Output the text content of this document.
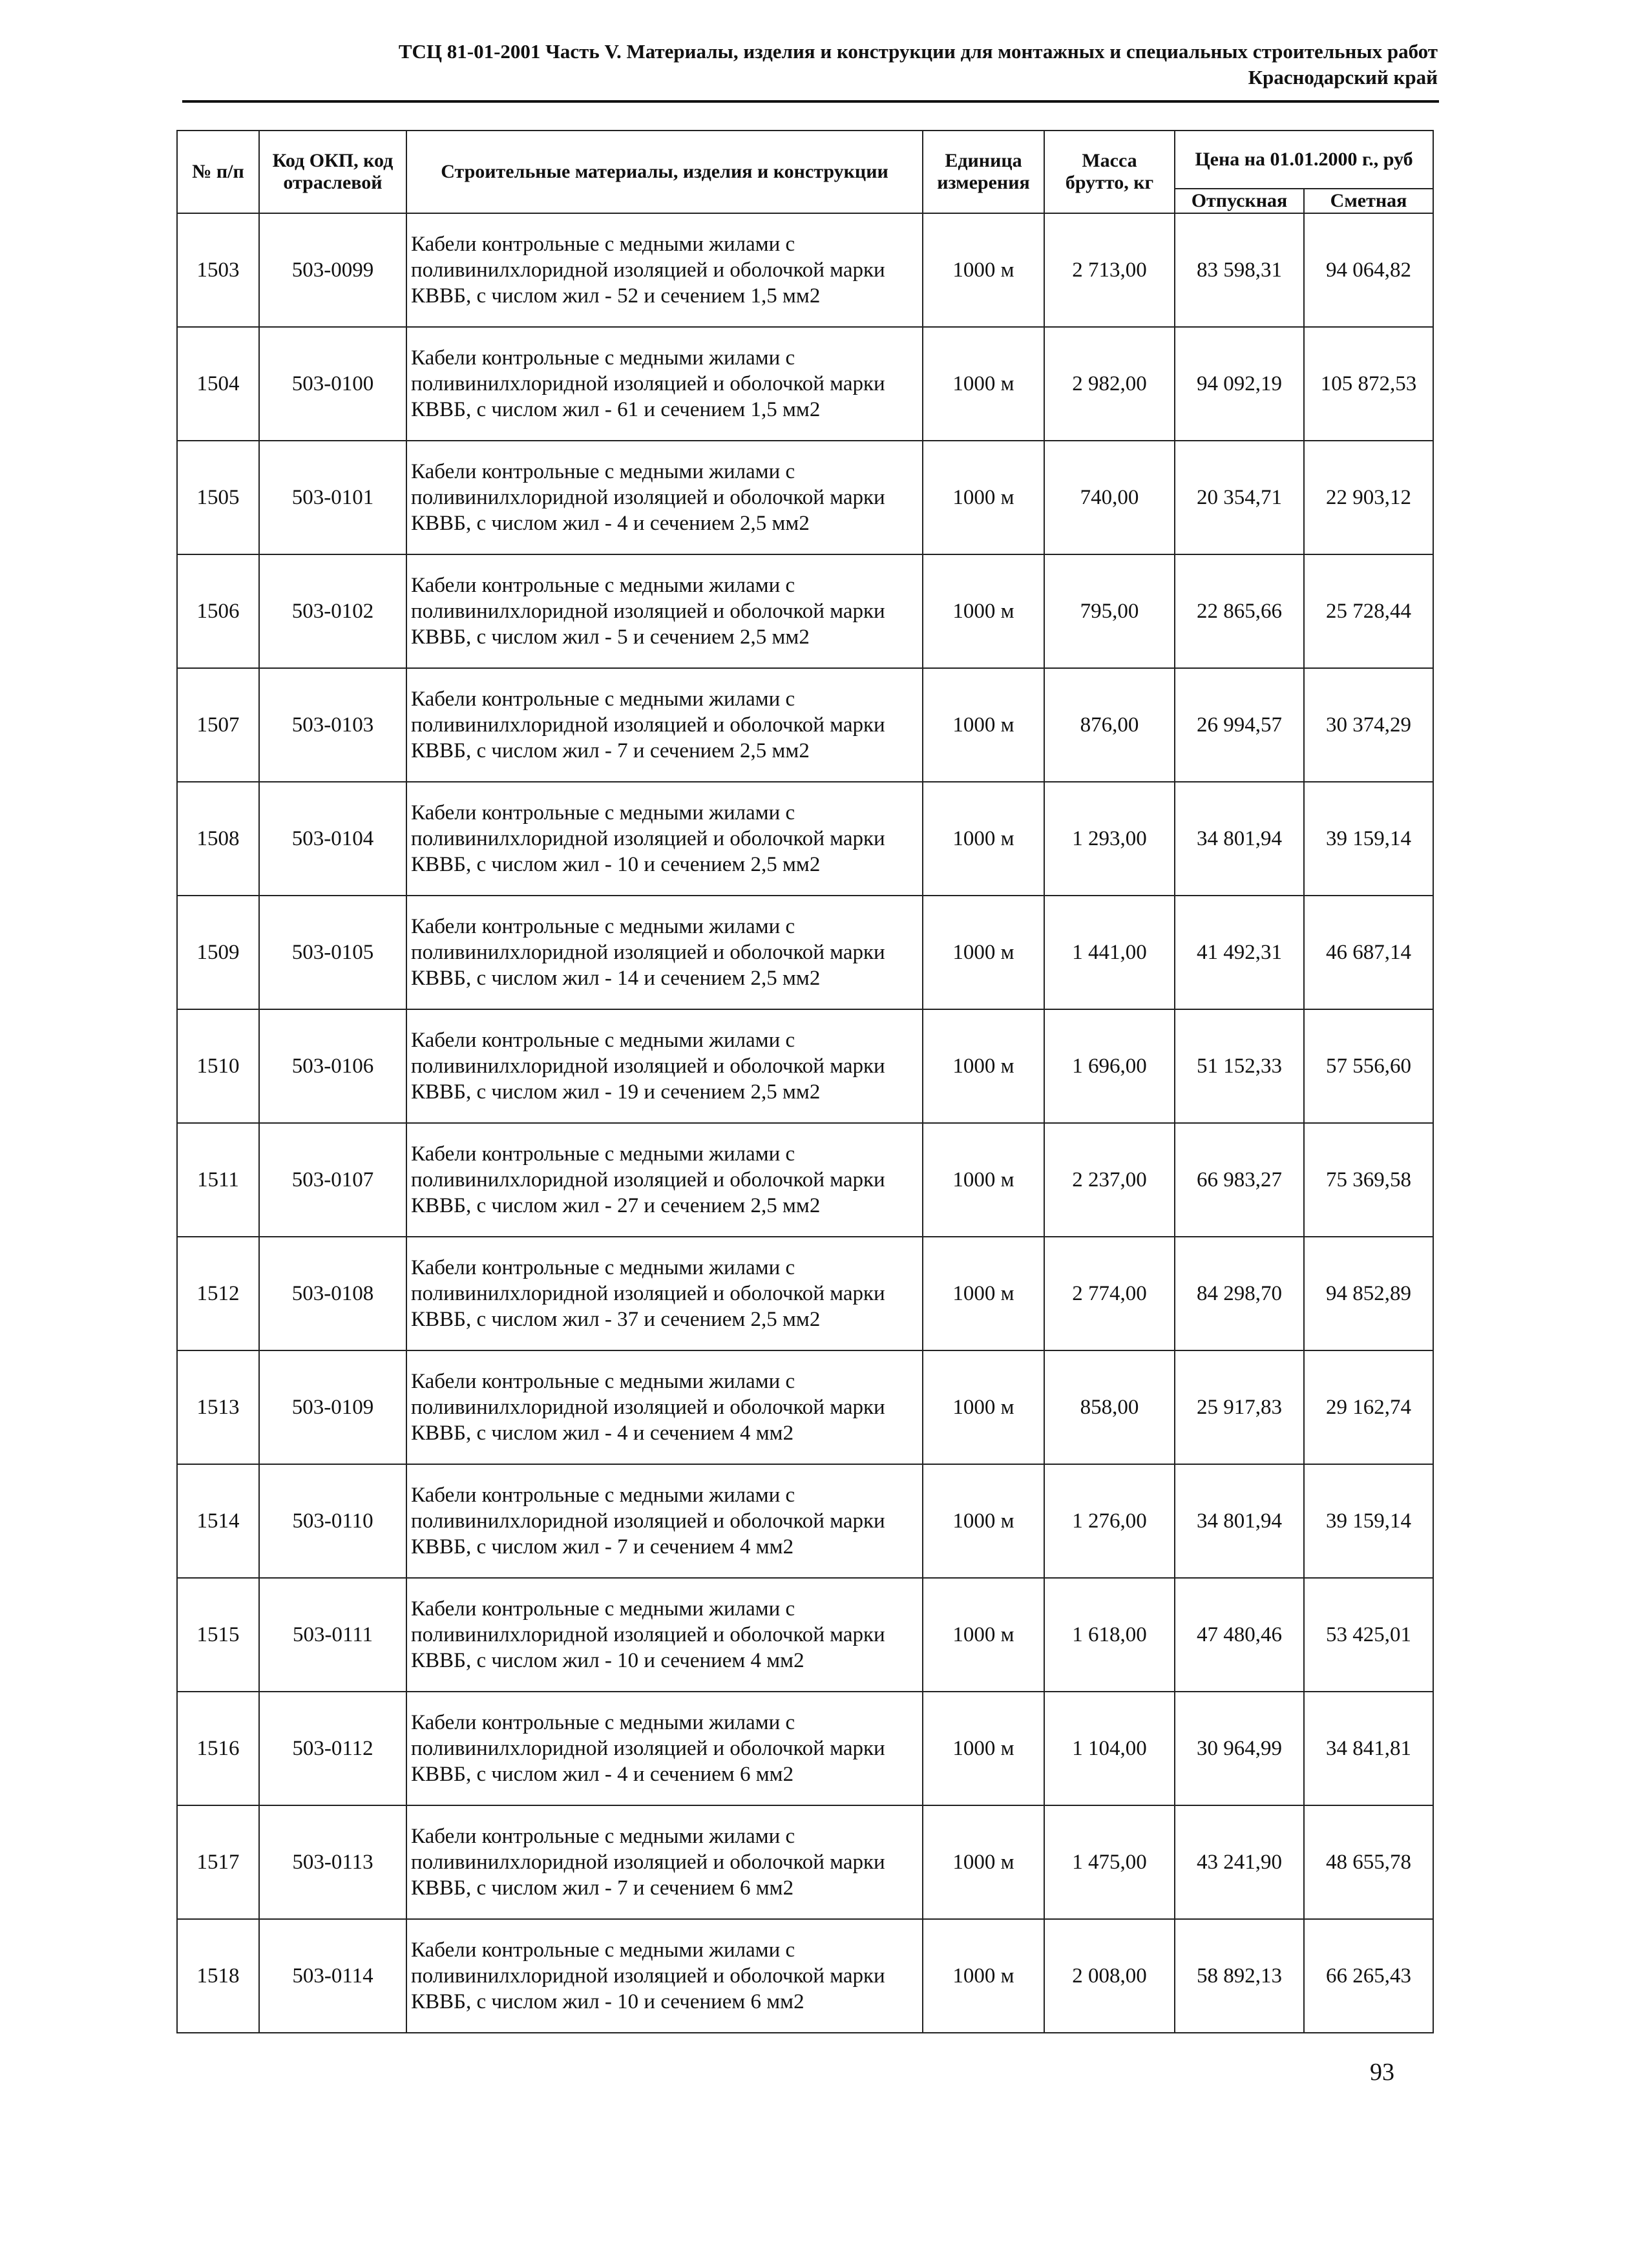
ТСЦ 81-01-2001 Часть V. Материалы, изделия и конструкции для монтажных и специальных строительных работ
Краснодарский край
№ п/п	Код ОКП, код отраслевой	Строительные материалы, изделия и конструкции	Единица измерения	Масса брутто, кг	Цена на 01.01.2000 г., руб	
					Отпускная	Сметная
1503	503-0099	Кабели контрольные с медными жилами с поливинилхлоридной изоляцией и оболочкой марки КВВБ, с числом жил - 52 и сечением 1,5 мм2	1000 м	2 713,00	83 598,31	94 064,82
1504	503-0100	Кабели контрольные с медными жилами с поливинилхлоридной изоляцией и оболочкой марки КВВБ, с числом жил - 61 и сечением 1,5 мм2	1000 м	2 982,00	94 092,19	105 872,53
1505	503-0101	Кабели контрольные с медными жилами с поливинилхлоридной изоляцией и оболочкой марки КВВБ, с числом жил - 4 и сечением 2,5 мм2	1000 м	740,00	20 354,71	22 903,12
1506	503-0102	Кабели контрольные с медными жилами с поливинилхлоридной изоляцией и оболочкой марки КВВБ, с числом жил - 5 и сечением 2,5 мм2	1000 м	795,00	22 865,66	25 728,44
1507	503-0103	Кабели контрольные с медными жилами с поливинилхлоридной изоляцией и оболочкой марки КВВБ, с числом жил - 7 и сечением 2,5 мм2	1000 м	876,00	26 994,57	30 374,29
1508	503-0104	Кабели контрольные с медными жилами с поливинилхлоридной изоляцией и оболочкой марки КВВБ, с числом жил - 10 и сечением 2,5 мм2	1000 м	1 293,00	34 801,94	39 159,14
1509	503-0105	Кабели контрольные с медными жилами с поливинилхлоридной изоляцией и оболочкой марки КВВБ, с числом жил - 14 и сечением 2,5 мм2	1000 м	1 441,00	41 492,31	46 687,14
1510	503-0106	Кабели контрольные с медными жилами с поливинилхлоридной изоляцией и оболочкой марки КВВБ, с числом жил - 19 и сечением 2,5 мм2	1000 м	1 696,00	51 152,33	57 556,60
1511	503-0107	Кабели контрольные с медными жилами с поливинилхлоридной изоляцией и оболочкой марки КВВБ, с числом жил - 27 и сечением 2,5 мм2	1000 м	2 237,00	66 983,27	75 369,58
1512	503-0108	Кабели контрольные с медными жилами с поливинилхлоридной изоляцией и оболочкой марки КВВБ, с числом жил - 37 и сечением 2,5 мм2	1000 м	2 774,00	84 298,70	94 852,89
1513	503-0109	Кабели контрольные с медными жилами с поливинилхлоридной изоляцией и оболочкой марки КВВБ, с числом жил - 4 и сечением 4 мм2	1000 м	858,00	25 917,83	29 162,74
1514	503-0110	Кабели контрольные с медными жилами с поливинилхлоридной изоляцией и оболочкой марки КВВБ, с числом жил - 7 и сечением 4 мм2	1000 м	1 276,00	34 801,94	39 159,14
1515	503-0111	Кабели контрольные с медными жилами с поливинилхлоридной изоляцией и оболочкой марки КВВБ, с числом жил - 10 и сечением 4 мм2	1000 м	1 618,00	47 480,46	53 425,01
1516	503-0112	Кабели контрольные с медными жилами с поливинилхлоридной изоляцией и оболочкой марки КВВБ, с числом жил - 4 и сечением 6 мм2	1000 м	1 104,00	30 964,99	34 841,81
1517	503-0113	Кабели контрольные с медными жилами с поливинилхлоридной изоляцией и оболочкой марки КВВБ, с числом жил - 7 и сечением 6 мм2	1000 м	1 475,00	43 241,90	48 655,78
1518	503-0114	Кабели контрольные с медными жилами с поливинилхлоридной изоляцией и оболочкой марки КВВБ, с числом жил - 10 и сечением 6 мм2	1000 м	2 008,00	58 892,13	66 265,43
93
